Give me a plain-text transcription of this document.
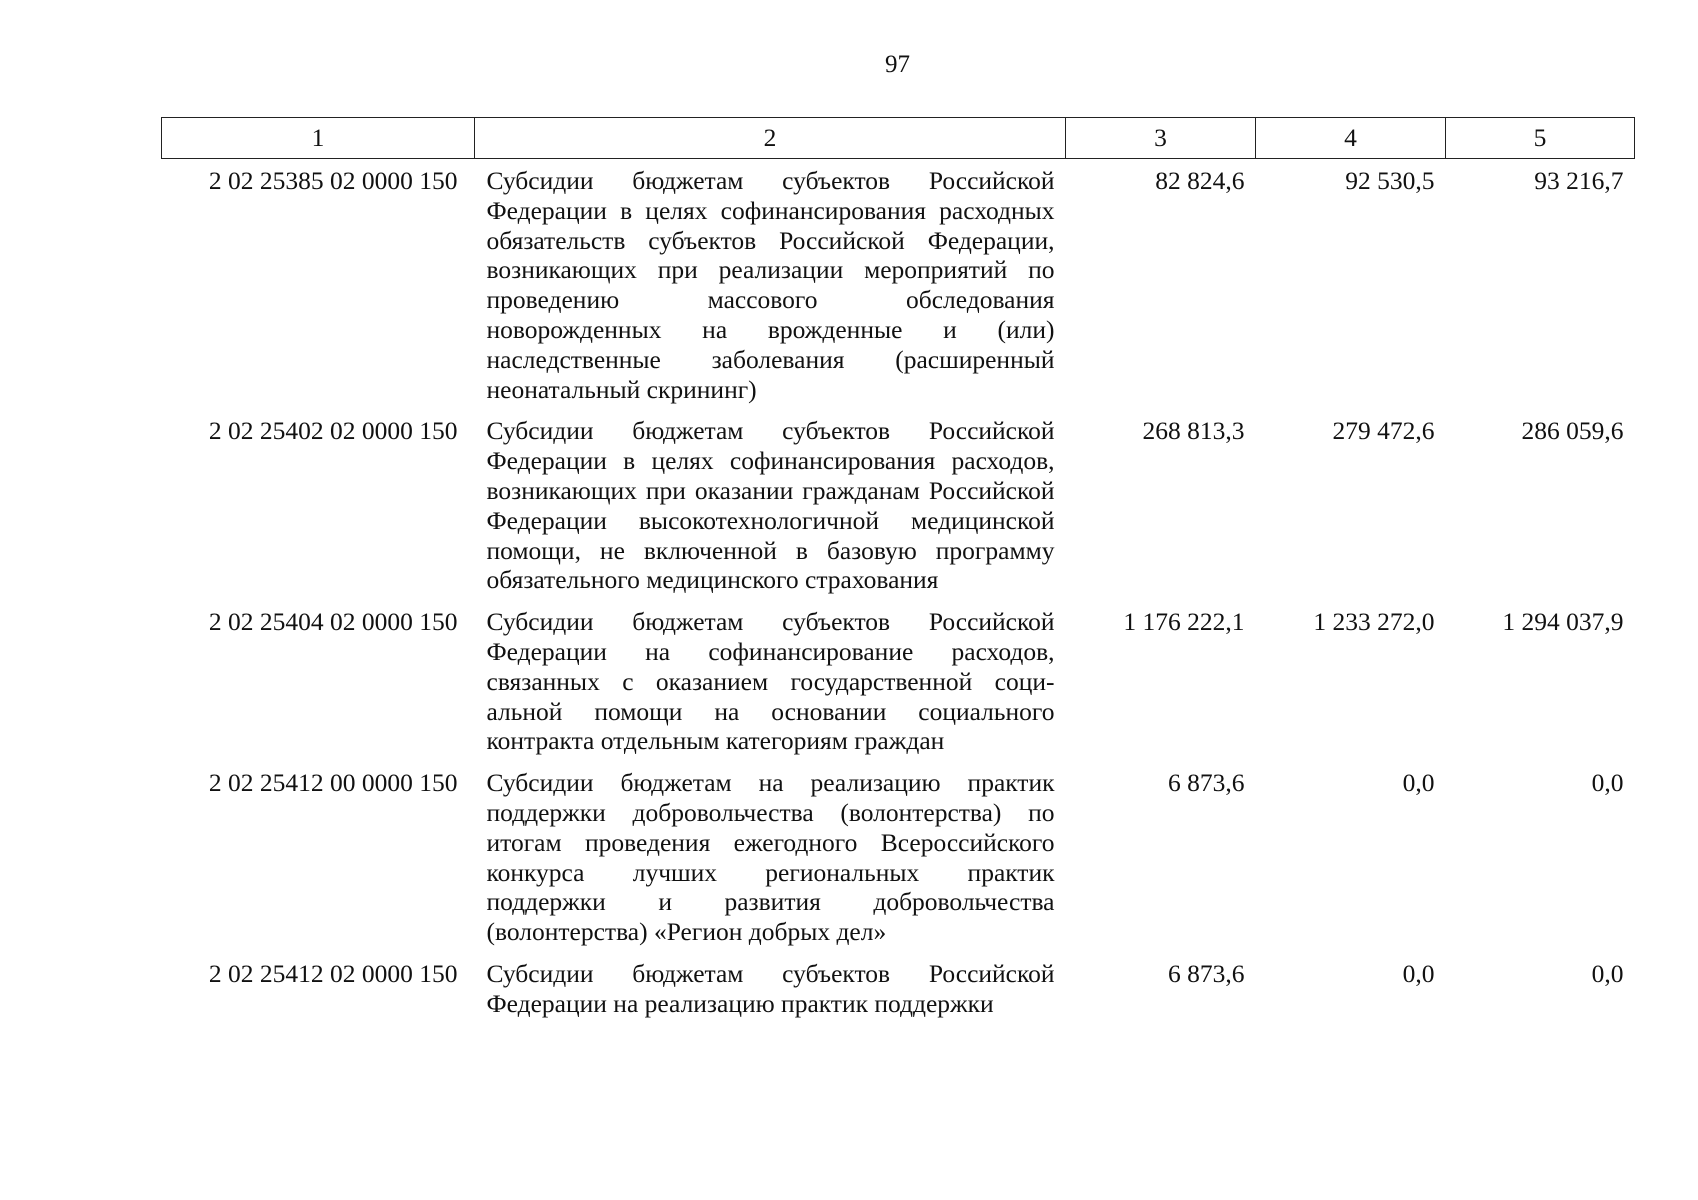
97
1	2	3	4	5
2 02 25385 02 0000 150	Субсидии бюджетам субъектов Российской Федерации в целях софинансирования расходных обязательств субъектов Российской Федерации, возникающих при реализации мероприятий по проведению массового обследования новорожденных на врожденные и (или) наследственные заболевания (расширенный неонатальный скрининг)	82 824,6	92 530,5	93 216,7
2 02 25402 02 0000 150	Субсидии бюджетам субъектов Российской Федерации в целях софинансирования расходов, возникающих при оказании гражданам Российской Федерации высокотехнологичной медицинской помощи, не включенной в базовую программу обязательного медицинского страхования	268 813,3	279 472,6	286 059,6
2 02 25404 02 0000 150	Субсидии бюджетам субъектов Российской Федерации на софинансирование расходов, связанных с оказанием государственной социальной помощи на основании социального контракта отдельным категориям граждан	1 176 222,1	1 233 272,0	1 294 037,9
2 02 25412 00 0000 150	Субсидии бюджетам на реализацию практик поддержки добровольчества (волонтерства) по итогам проведения ежегодного Всероссийского конкурса лучших региональных практик поддержки и развития добровольчества (волонтерства) «Регион добрых дел»	6 873,6	0,0	0,0
2 02 25412 02 0000 150	Субсидии бюджетам субъектов Российской Федерации на реализацию практик поддержки	6 873,6	0,0	0,0
